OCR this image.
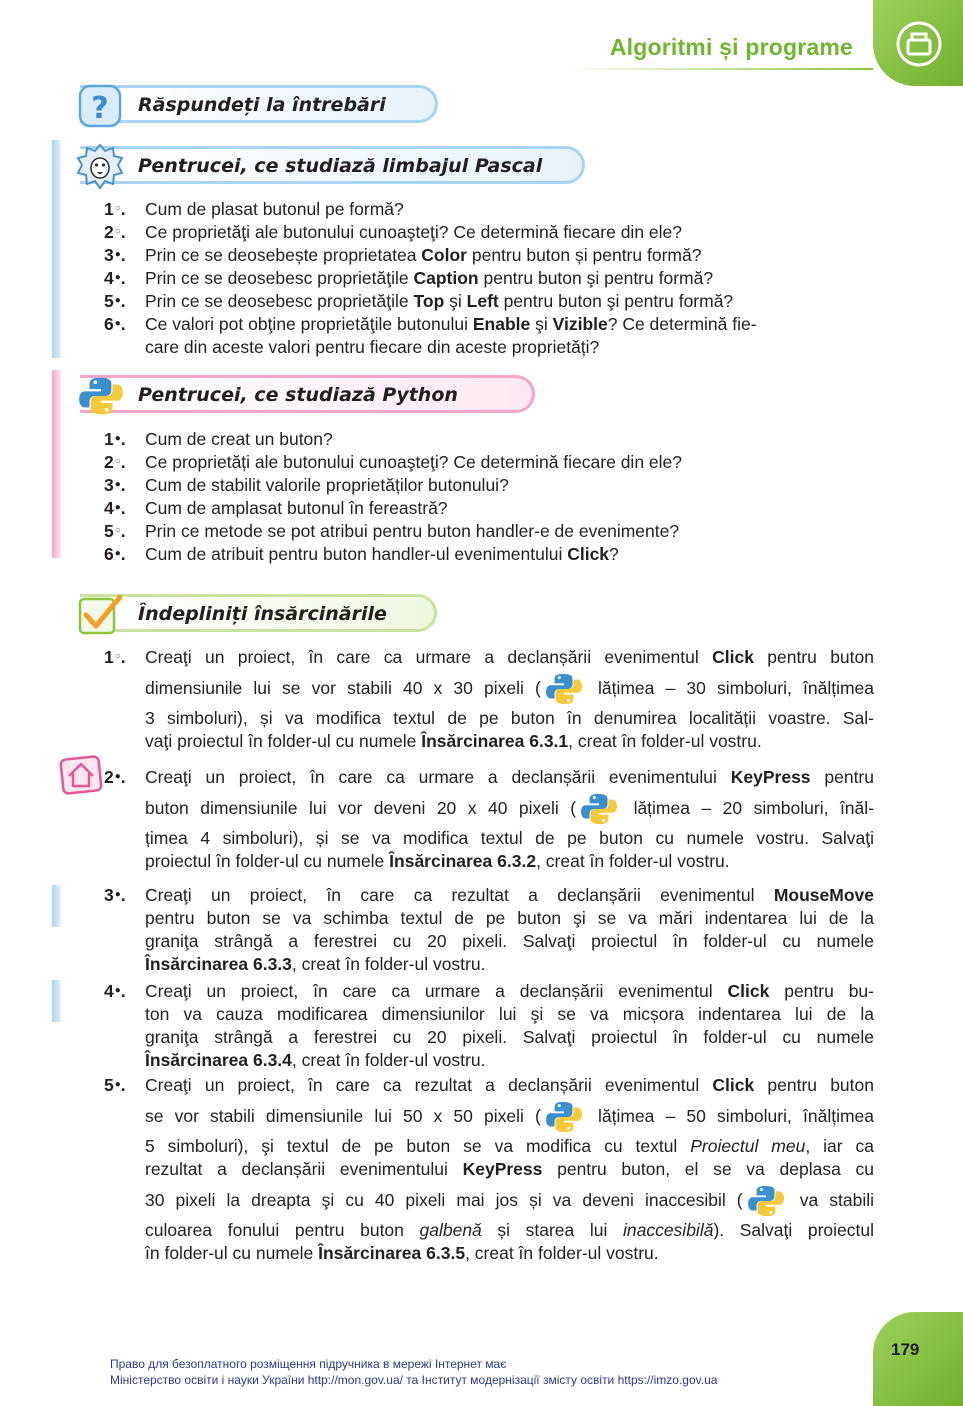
Algoritmi și programe
? Răspundeți la întrebări
Pentrucei, ce studiază limbajul Pascal
1○.	Cum de plasat butonul pe formă?
2○.	Ce proprietăţi ale butonului cunoaşteţi? Ce determină fiecare din ele?
3●.	Prin ce se deosebește proprietatea Color pentru buton și pentru formă?
4●.	Prin ce se deosebesc proprietăţile Caption pentru buton şi pentru formă?
5●.	Prin ce se deosebesc proprietăţile Top şi Left pentru buton şi pentru formă?
6●.	Ce valori pot obţine proprietăţile butonului Enable şi Vizible? Ce determină fie-
care din aceste valori pentru fiecare din aceste proprietăți?
Pentrucei, ce studiază Python
1●.	Cum de creat un buton?
2○.	Ce proprietăți ale butonului cunoaşteţi? Ce determină fiecare din ele?
3●.	Cum de stabilit valorile proprietăților butonului?
4●.	Cum de amplasat butonul în fereastră?
5○.	Prin ce metode se pot atribui pentru buton handler-e de evenimente?
6●.	Cum de atribuit pentru buton handler-ul evenimentului Click?
Îndepliniți însărcinările
1○.	Creaţi un proiect, în care ca urmare a declanșării evenimentul Click pentru buton
dimensiunile lui se vor stabili 40 x 30 pixeli (	lățimea – 30 simboluri, înălțimea
3 simboluri), și va modifica textul de pe buton în denumirea localității voastre. Sal-
vaţi proiectul în folder-ul cu numele Însărcinarea 6.3.1, creat în folder-ul vostru.
2●.	Creaţi un proiect, în care ca urmare a declanșării evenimentului KeyPress pentru
buton dimensiunile lui vor deveni 20 x 40 pixeli (	lățimea – 20 simboluri, înăl-
țimea 4 simboluri), și se va modifica textul de pe buton cu numele vostru. Salvaţi
proiectul în folder-ul cu numele Însărcinarea 6.3.2, creat în folder-ul vostru.
3●.	Creaţi un proiect, în care ca rezultat a declanșării evenimentul MouseMove
pentru buton se va schimba textul de pe buton şi se va mări indentarea lui de la
graniţa strângă a ferestrei cu 20 pixeli. Salvaţi proiectul în folder-ul cu numele
Însărcinarea 6.3.3, creat în folder-ul vostru.
4●.	Creaţi un proiect, în care ca urmare a declanșării evenimentul Click pentru bu-
ton va cauza modificarea dimensiunilor lui şi se va micșora indentarea lui de la
graniţa strângă a ferestrei cu 20 pixeli. Salvaţi proiectul în folder-ul cu numele
Însărcinarea 6.3.4, creat în folder-ul vostru.
5●.	Creaţi un proiect, în care ca rezultat a declanșării evenimentul Click pentru buton
se vor stabili dimensiunile lui 50 x 50 pixeli (	lățimea – 50 simboluri, înălțimea
5 simboluri), şi textul de pe buton se va modifica cu textul Proiectul meu, iar ca
rezultat a declanșării evenimentului KeyPress pentru buton, el se va deplasa cu
30 pixeli la dreapta şi cu 40 pixeli mai jos și va deveni inaccesibil (	va stabili
culoarea fonului pentru buton galbenă și starea lui inaccesibilă). Salvaţi proiectul
în folder-ul cu numele Însărcinarea 6.3.5, creat în folder-ul vostru.
Право для безоплатного розміщення підручника в мережі Інтернет має
Міністерство освіти і науки України http://mon.gov.ua/ та Інститут модернізації змісту освіти https://imzo.gov.ua
179
